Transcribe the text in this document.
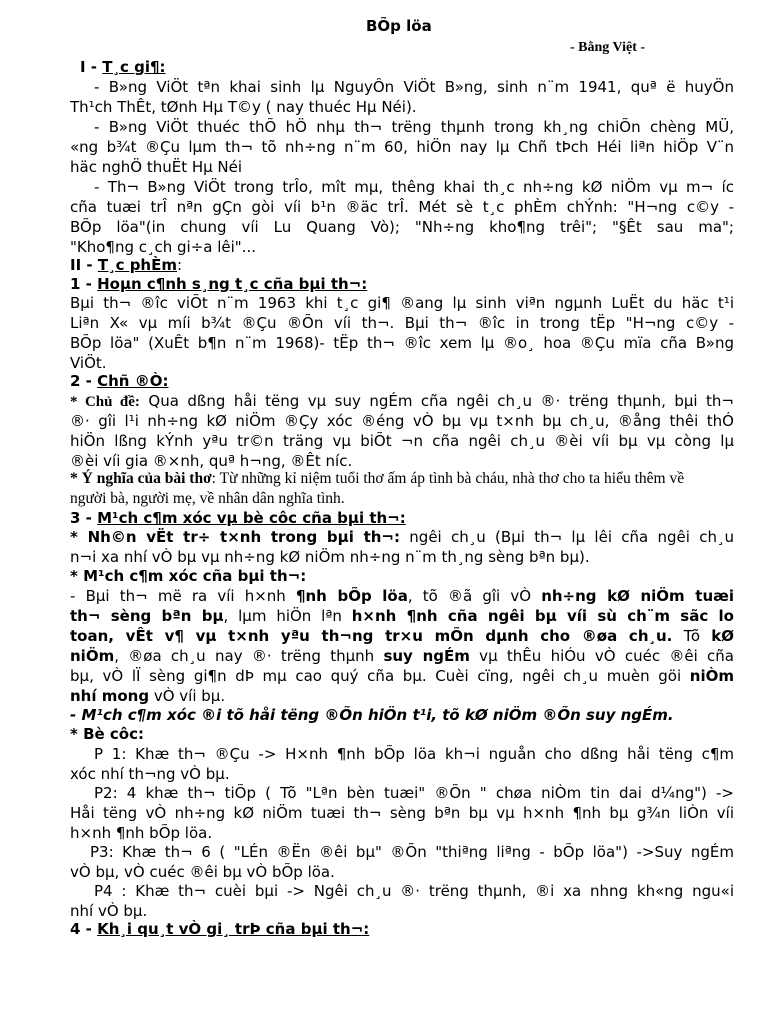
BÕp löa
- Bằng Việt -
I - T¸c gi¶:
- B»ng ViÖt tªn khai sinh lµ NguyÔn ViÖt B»ng, sinh n¨m 1941, quª ë huyÖn
Th¹ch ThÊt, tØnh Hµ T©y ( nay thuéc Hµ Néi).
- B»ng ViÖt thuéc thÕ hÖ nhµ th¬ trëng thµnh trong kh¸ng chiÕn chèng MÜ,
«ng b¾t ®Çu lµm th¬ tõ nh÷ng n¨m 60, hiÖn nay lµ Chñ tÞch Héi liªn hiÖp V¨n
häc nghÖ thuËt Hµ Néi
- Th¬ B»ng ViÖt trong trÎo, mît mµ, thêng khai th¸c nh÷ng kØ niÖm vµ m¬ íc
cña tuæi trÎ nªn gÇn gòi víi b¹n ®äc trÎ. Mét sè t¸c phÈm chÝnh: "H¬ng c©y -
BÕp löa"(in chung víi Lu Quang Vò); "Nh÷ng kho¶ng trêi"; "§Êt sau ma";
"Kho¶ng c¸ch gi÷a lêi"...
II - T¸c phÈm:
1 - Hoµn c¶nh s¸ng t¸c cña bµi th¬:
Bµi th¬ ®îc viÕt n¨m 1963 khi t¸c gi¶ ®ang lµ sinh viªn ngµnh LuËt du häc t¹i
Liªn X« vµ míi b¾t ®Çu ®Õn víi th¬. Bµi th¬ ®îc in trong tËp "H¬ng c©y -
BÕp löa" (XuÊt b¶n n¨m 1968)- tËp th¬ ®îc xem lµ ®o¸ hoa ®Çu mïa cña B»ng
ViÖt.
2 - Chñ ®Ò:
* Chủ đề: Qua dßng håi tëng vµ suy ngÉm cña ngêi ch¸u ®· trëng thµnh, bµi th¬
®· gîi l¹i nh÷ng kØ niÖm ®Çy xóc ®éng vÒ bµ vµ t×nh bµ ch¸u, ®ång thêi thÓ
hiÖn lßng kÝnh yªu tr©n träng vµ biÕt ¬n cña ngêi ch¸u ®èi víi bµ vµ còng lµ
®èi víi gia ®×nh, quª h¬ng, ®Êt níc.
* Ý nghĩa của bài thơ: Từ những kỉ niệm tuổi thơ ấm áp tình bà cháu, nhà thơ cho ta hiểu thêm về
người bà, người mẹ, về nhân dân nghĩa tình.
3 - M¹ch c¶m xóc vµ bè côc cña bµi th¬:
* Nh©n vËt tr÷ t×nh trong bµi th¬: ngêi ch¸u (Bµi th¬ lµ lêi cña ngêi ch¸u
n¬i xa nhí vÒ bµ vµ nh÷ng kØ niÖm nh÷ng n¨m th¸ng sèng bªn bµ).
* M¹ch c¶m xóc cña bµi th¬:
- Bµi th¬ më ra víi h×nh ¶nh bÕp löa, tõ ®ã gîi vÒ nh÷ng kØ niÖm tuæi
th¬ sèng bªn bµ, lµm hiÖn lªn h×nh ¶nh cña ngêi bµ víi sù ch¨m sãc lo
toan, vÊt v¶ vµ t×nh yªu th¬ng tr×u mÕn dµnh cho ®øa ch¸u. Tõ kØ
niÖm, ®øa ch¸u nay ®· trëng thµnh suy ngÉm vµ thÊu hiÓu vÒ cuéc ®êi cña
bµ, vÒ lÏ sèng gi¶n dÞ mµ cao quý cña bµ. Cuèi cïng, ngêi ch¸u muèn göi niÒm
nhí mong vÒ víi bµ.
- M¹ch c¶m xóc ®i tõ håi tëng ®Õn hiÖn t¹i, tõ kØ niÖm ®Õn suy ngÉm.
* Bè côc:
P 1: Khæ th¬ ®Çu -> H×nh ¶nh bÕp löa kh¬i nguån cho dßng håi tëng c¶m
xóc nhí th¬ng vÒ bµ.
P2: 4 khæ th¬ tiÕp ( Tõ "Lªn bèn tuæi" ®Õn " chøa niÒm tin dai d¼ng") ->
Håi tëng vÒ nh÷ng kØ niÖm tuæi th¬ sèng bªn bµ vµ h×nh ¶nh bµ g¾n liÒn víi
h×nh ¶nh bÕp löa.
P3: Khæ th¬ 6 ( "LÉn ®Ën ®êi bµ" ®Õn "thiªng liªng - bÕp löa") ->Suy ngÉm
vÒ bµ, vÒ cuéc ®êi bµ vÒ bÕp löa.
P4 : Khæ th¬ cuèi bµi -> Ngêi ch¸u ®· trëng thµnh, ®i xa nhng kh«ng ngu«i
nhí vÒ bµ.
4 - Kh¸i qu¸t vÒ gi¸ trÞ cña bµi th¬:
